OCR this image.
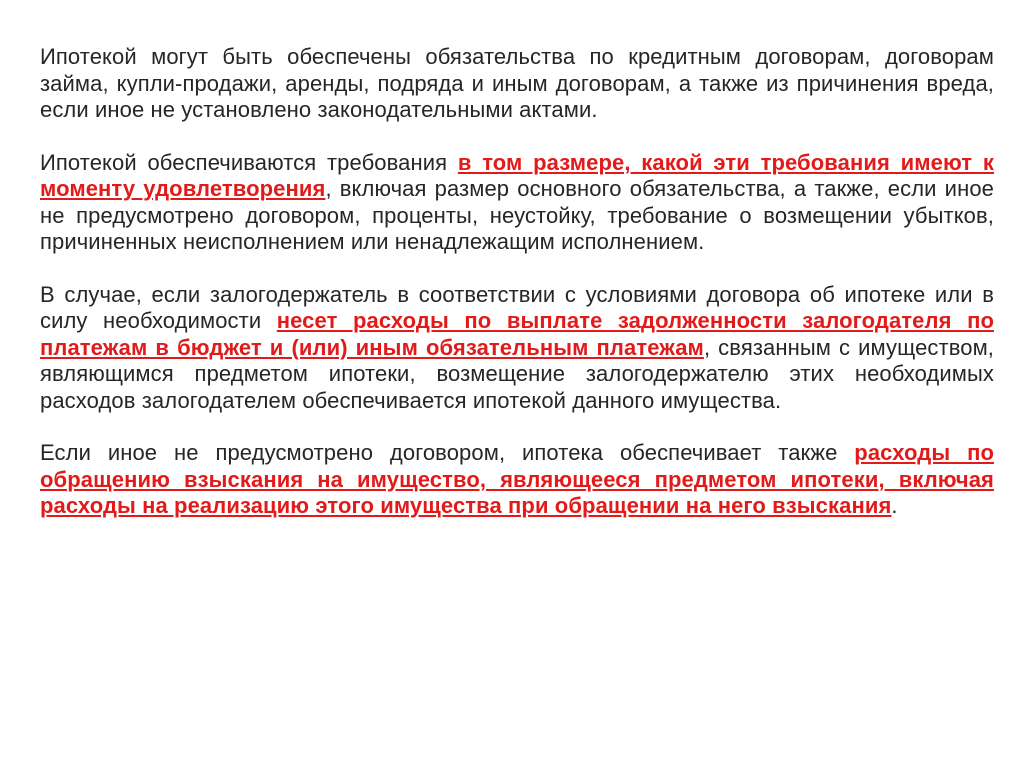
Ипотекой могут быть обеспечены обязательства по кредитным договорам, договорам займа, купли-продажи, аренды, подряда и иным договорам, а также из причинения вреда, если иное не установлено законодательными актами.

Ипотекой обеспечиваются требования в том размере, какой эти требования имеют к моменту удовлетворения, включая размер основного обязательства, а также, если иное не предусмотрено договором, проценты, неустойку, требование о возмещении убытков, причиненных неисполнением или ненадлежащим исполнением.

В случае, если залогодержатель в соответствии с условиями договора об ипотеке или в силу необходимости несет расходы по выплате задолженности залогодателя по платежам в бюджет и (или) иным обязательным платежам, связанным с имуществом, являющимся предметом ипотеки, возмещение залогодержателю этих необходимых расходов залогодателем обеспечивается ипотекой данного имущества.

Если иное не предусмотрено договором, ипотека обеспечивает также расходы по обращению взыскания на имущество, являющееся предметом ипотеки, включая расходы на реализацию этого имущества при обращении на него взыскания.
